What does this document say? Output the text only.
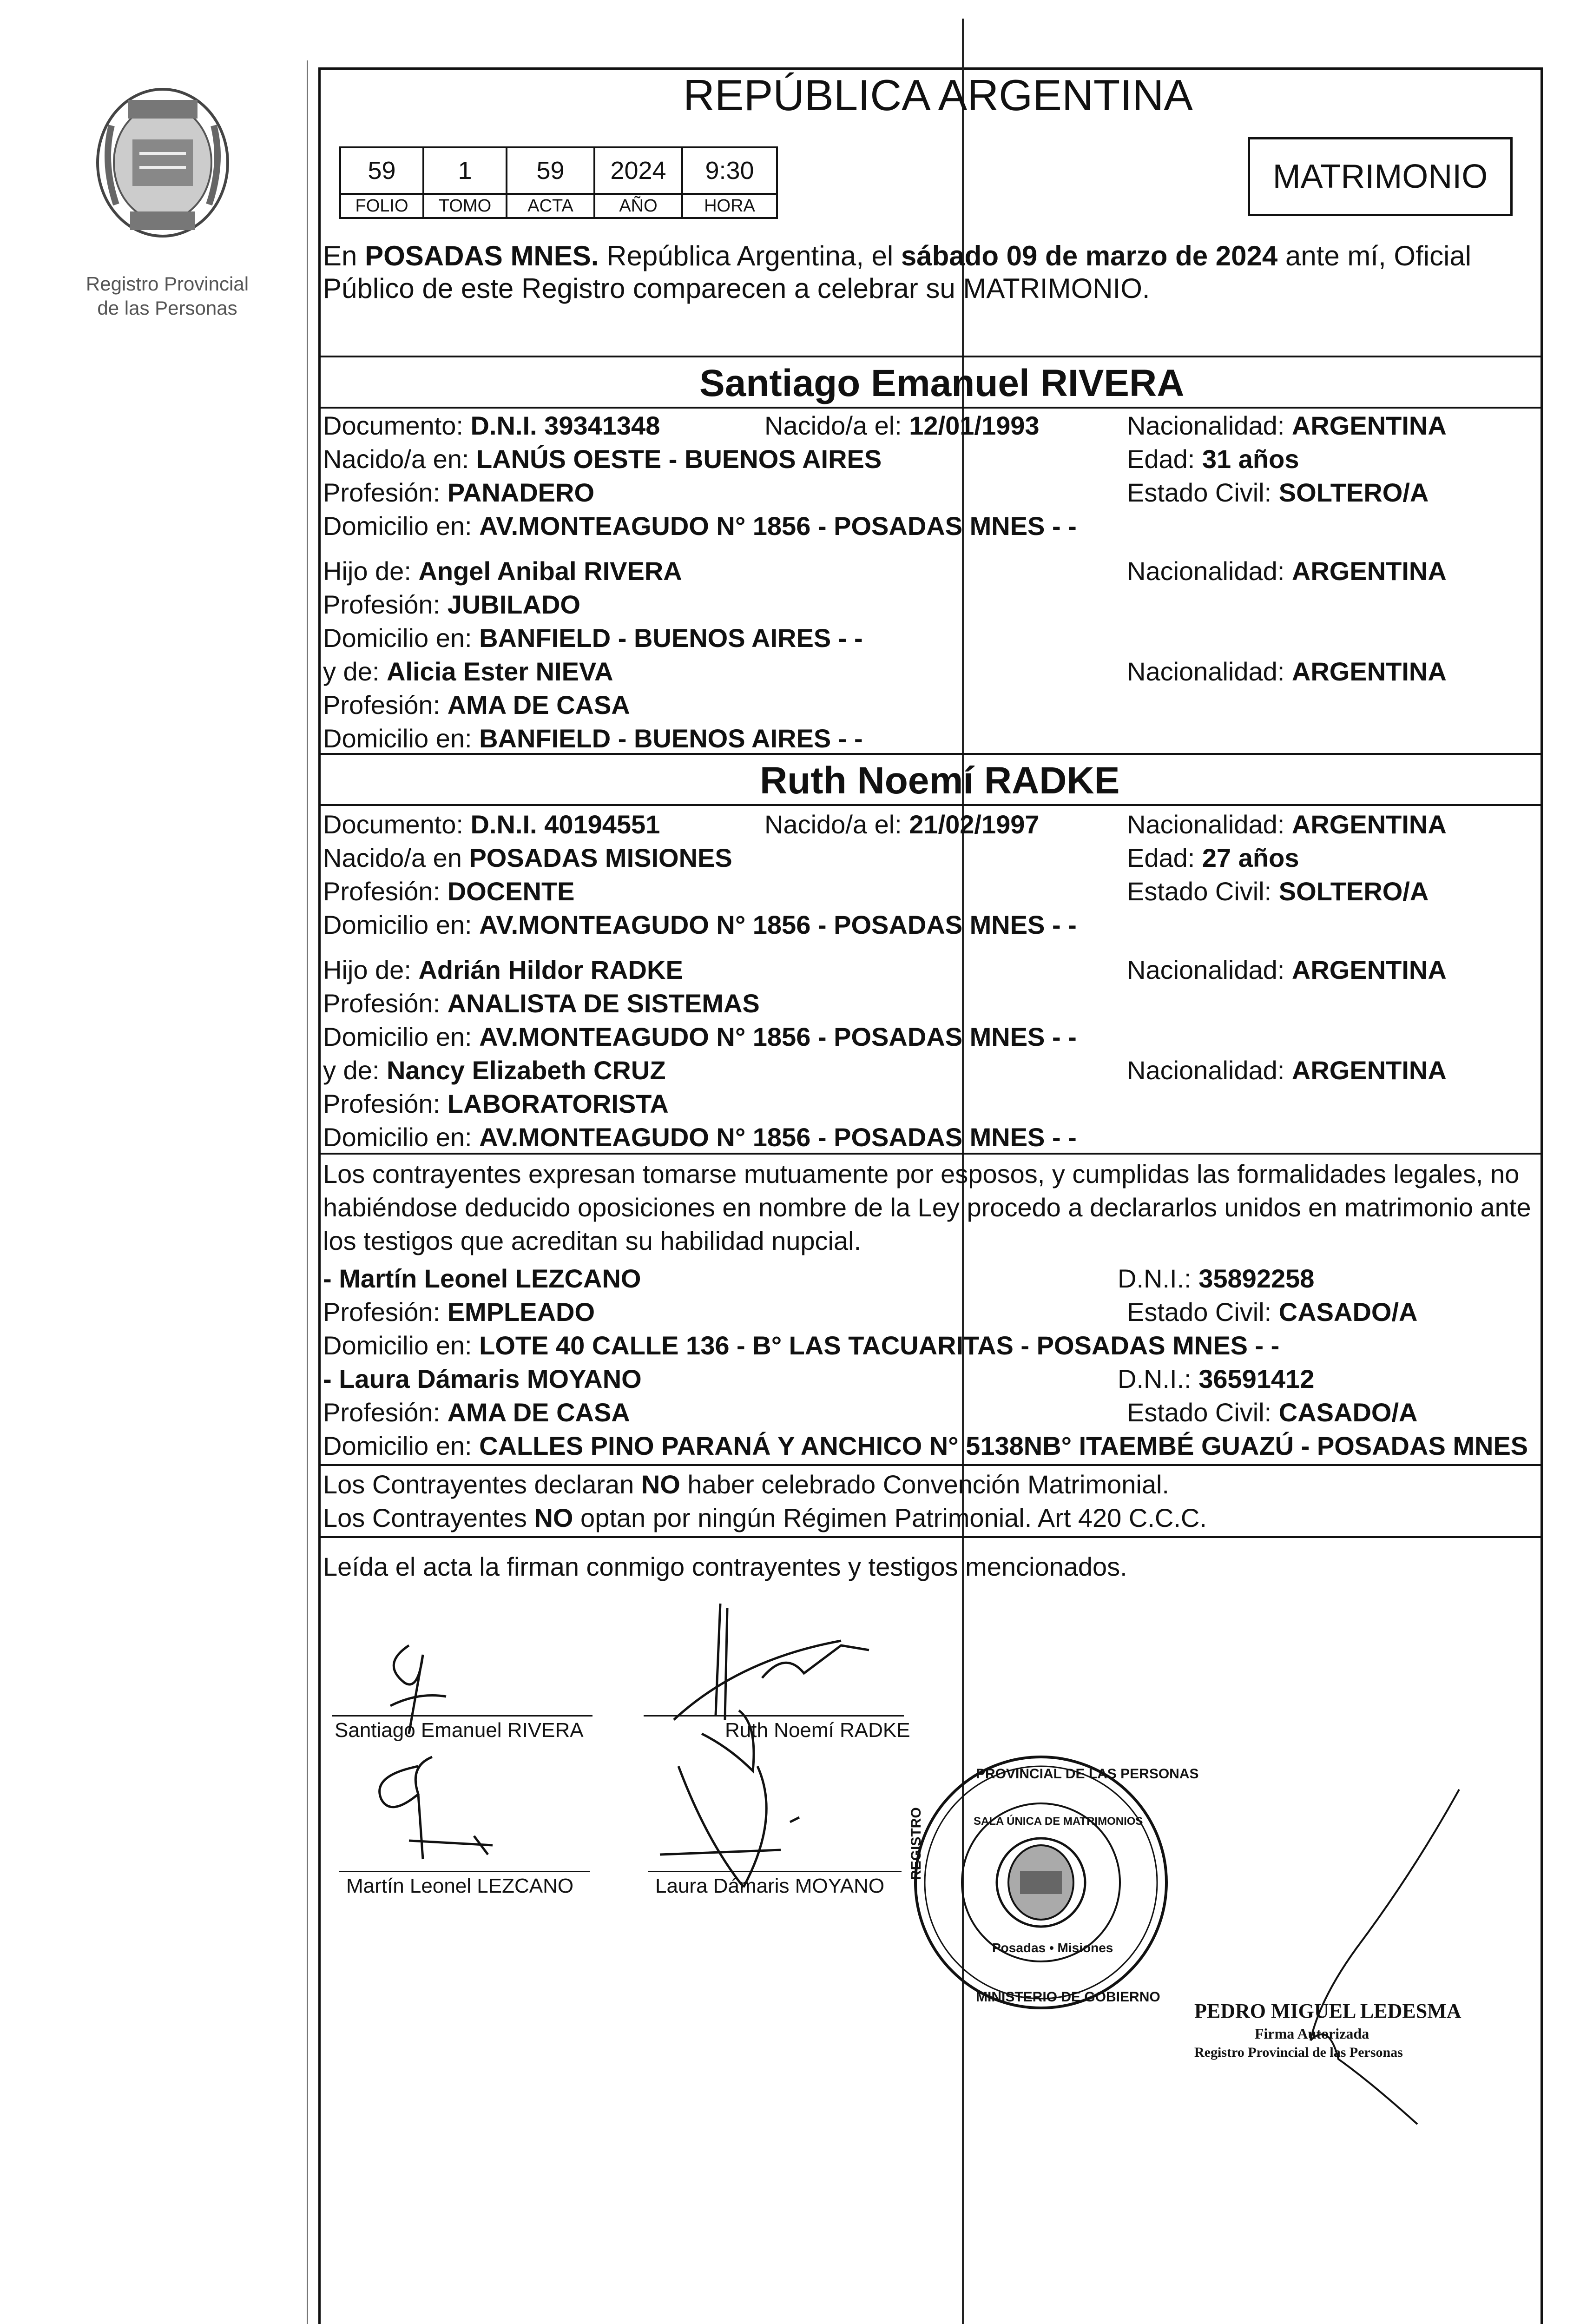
Registro Provincial
de las Personas
REPÚBLICA ARGENTINA
MATRIMONIO
59	1	59	2024	9:30
FOLIO	TOMO	ACTA	AÑO	HORA
En POSADAS MNES. República Argentina, el sábado 09 de marzo de 2024 ante mí, Oficial
Público de este Registro comparecen a celebrar su MATRIMONIO.
Santiago Emanuel RIVERA
Documento: D.N.I. 39341348	Nacido/a el: 12/01/1993	Nacionalidad: ARGENTINA
Nacido/a en: LANÚS OESTE - BUENOS AIRES	Edad: 31 años
Profesión: PANADERO	Estado Civil: SOLTERO/A
Domicilio en: AV.MONTEAGUDO N° 1856 - POSADAS MNES - -
Hijo de: Angel Anibal RIVERA	Nacionalidad: ARGENTINA
Profesión: JUBILADO
Domicilio en: BANFIELD - BUENOS AIRES - -
y de: Alicia Ester NIEVA	Nacionalidad: ARGENTINA
Profesión: AMA DE CASA
Domicilio en: BANFIELD - BUENOS AIRES - -
Ruth Noemí RADKE
Documento: D.N.I. 40194551	Nacido/a el: 21/02/1997	Nacionalidad: ARGENTINA
Nacido/a en POSADAS MISIONES	Edad: 27 años
Profesión: DOCENTE	Estado Civil: SOLTERO/A
Domicilio en: AV.MONTEAGUDO N° 1856 - POSADAS MNES - -
Hijo de: Adrián Hildor RADKE	Nacionalidad: ARGENTINA
Profesión: ANALISTA DE SISTEMAS
Domicilio en: AV.MONTEAGUDO N° 1856 - POSADAS MNES - -
y de: Nancy Elizabeth CRUZ	Nacionalidad: ARGENTINA
Profesión: LABORATORISTA
Domicilio en: AV.MONTEAGUDO N° 1856 - POSADAS MNES - -
Los contrayentes expresan tomarse mutuamente por esposos, y cumplidas las formalidades legales, no
habiéndose deducido oposiciones en nombre de la Ley procedo a declararlos unidos en matrimonio ante
los testigos que acreditan su habilidad nupcial.
- Martín Leonel LEZCANO	D.N.I.: 35892258
Profesión: EMPLEADO	Estado Civil: CASADO/A
Domicilio en: LOTE 40 CALLE 136 - B° LAS TACUARITAS - POSADAS MNES - -
- Laura Dámaris MOYANO	D.N.I.: 36591412
Profesión: AMA DE CASA	Estado Civil: CASADO/A
Domicilio en: CALLES PINO PARANÁ Y ANCHICO N° 5138NB° ITAEMBÉ GUAZÚ - POSADAS MNES
Los Contrayentes declaran NO haber celebrado Convención Matrimonial.
Los Contrayentes NO optan por ningún Régimen Patrimonial. Art 420 C.C.C.
Leída el acta la firman conmigo contrayentes y testigos mencionados.
Santiago Emanuel RIVERA	Ruth Noemí RADKE
Martín Leonel LEZCANO	Laura Dámaris MOYANO
PROVINCIAL DE LAS PERSONAS
REGISTRO
MINISTERIO DE GOBIERNO
SALA ÚNICA DE MATRIMONIOS
Posadas • Misiones
PEDRO MIGUEL LEDESMA
Firma Autorizada
Registro Provincial de las Personas
